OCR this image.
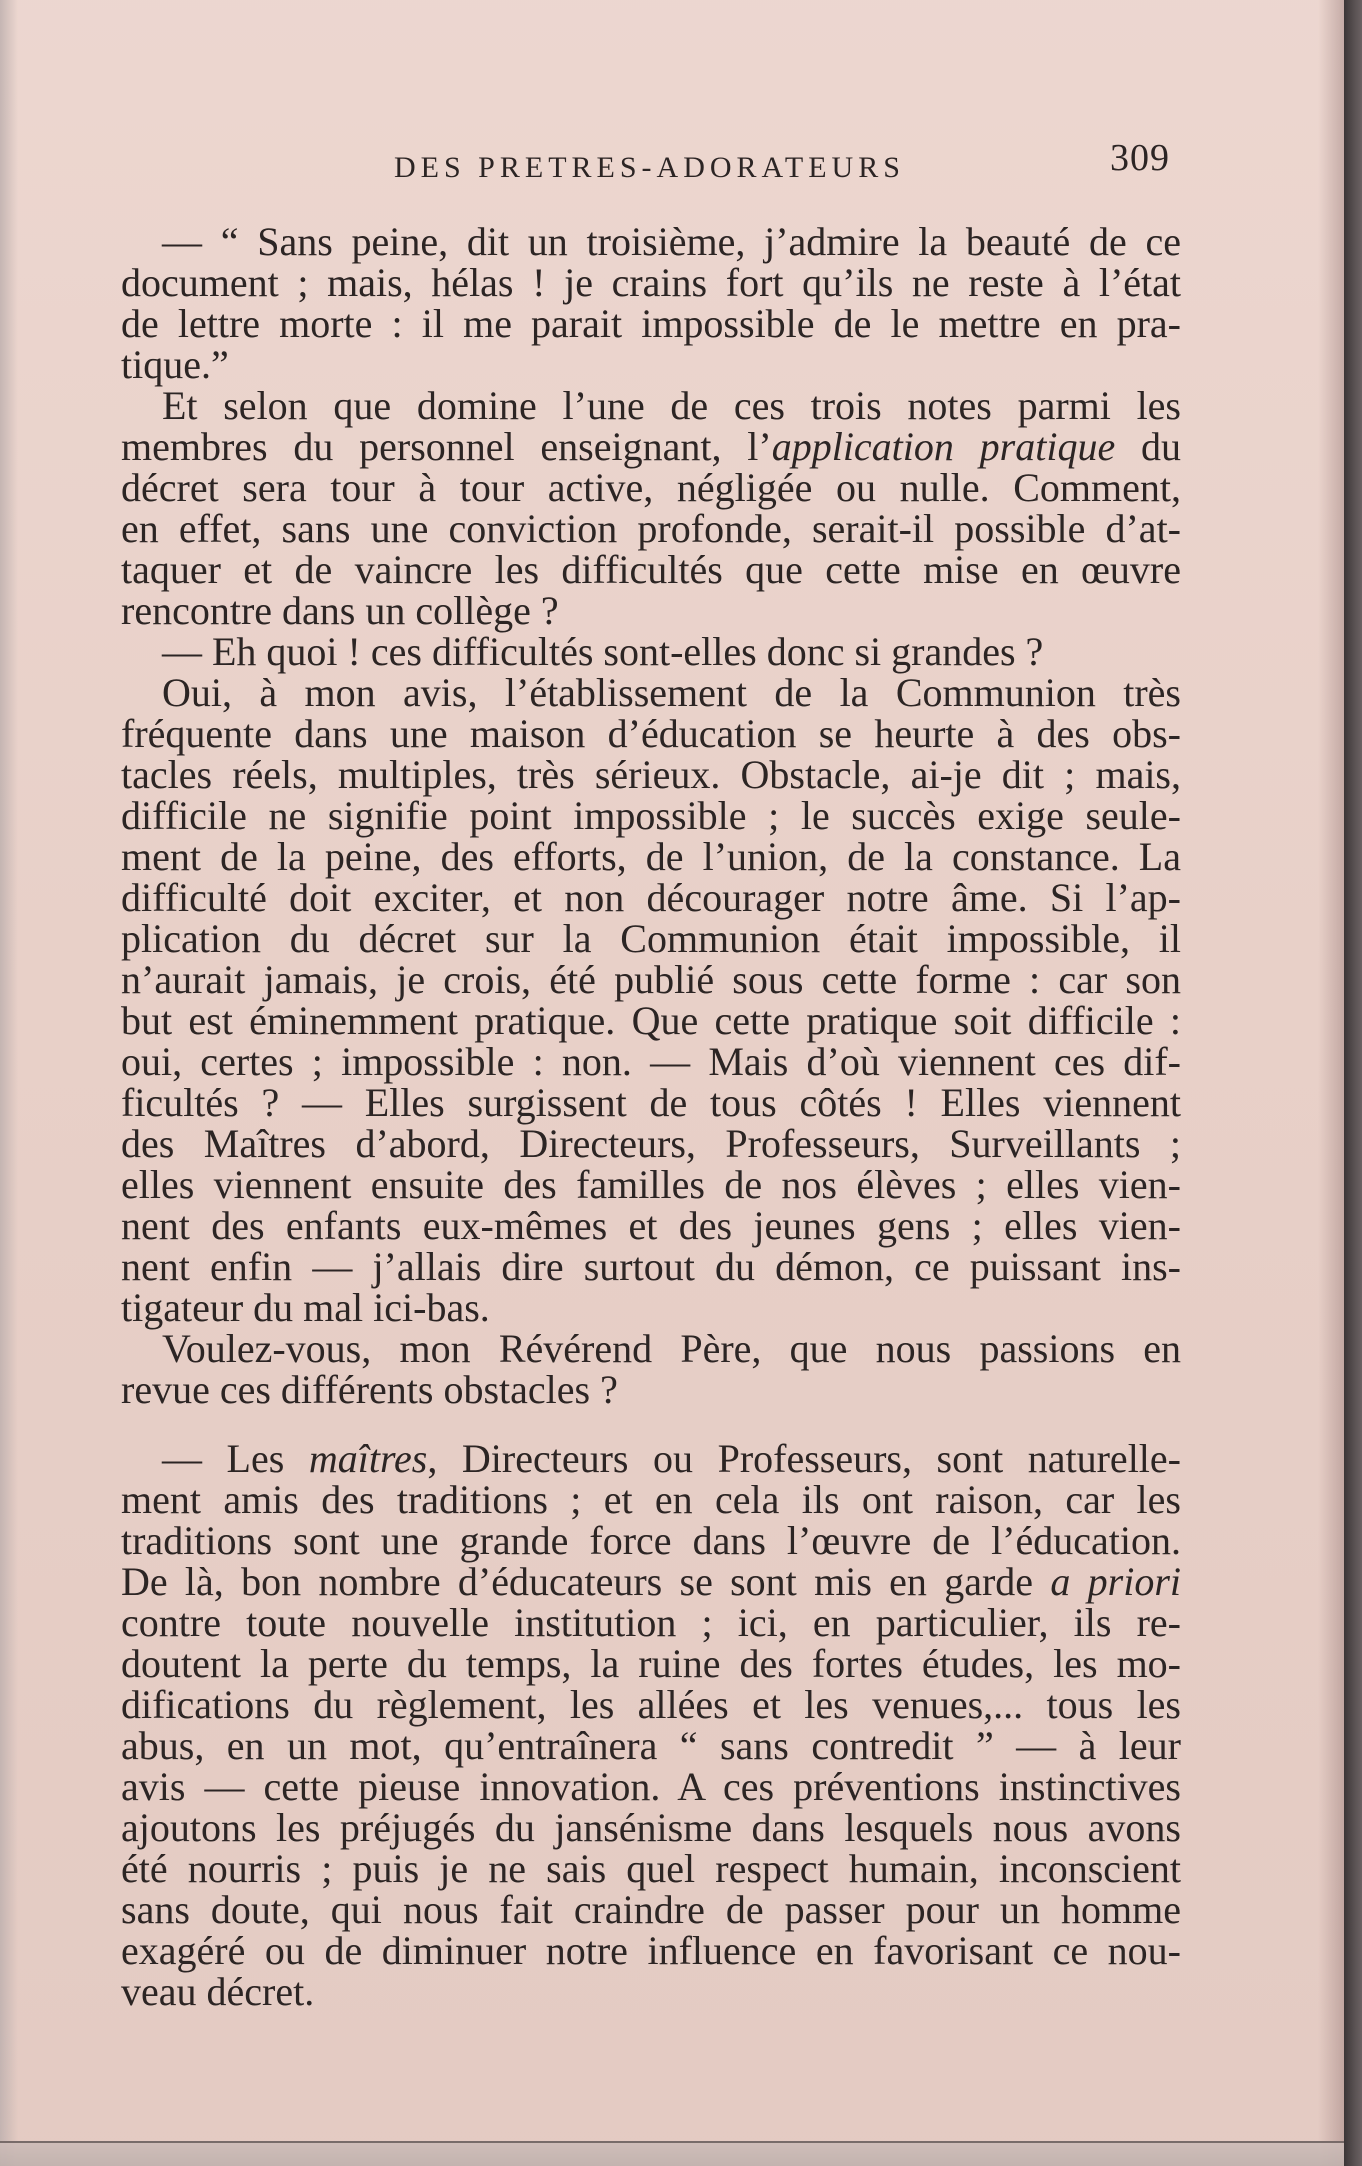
DES PRETRES-ADORATEURS	309
— “ Sans peine, dit un troisième, j’admire la beauté de ce
document ; mais, hélas ! je crains fort qu’ils ne reste à l’état
de lettre morte : il me parait impossible de le mettre en pra-
tique.”
Et selon que domine l’une de ces trois notes parmi les
membres du personnel enseignant, l’application pratique du
décret sera tour à tour active, négligée ou nulle. Comment,
en effet, sans une conviction profonde, serait-il possible d’at-
taquer et de vaincre les difficultés que cette mise en œuvre
rencontre dans un collège ?
— Eh quoi ! ces difficultés sont-elles donc si grandes ?
Oui, à mon avis, l’établissement de la Communion très
fréquente dans une maison d’éducation se heurte à des obs-
tacles réels, multiples, très sérieux. Obstacle, ai-je dit ; mais,
difficile ne signifie point impossible ; le succès exige seule-
ment de la peine, des efforts, de l’union, de la constance. La
difficulté doit exciter, et non décourager notre âme. Si l’ap-
plication du décret sur la Communion était impossible, il
n’aurait jamais, je crois, été publié sous cette forme : car son
but est éminemment pratique. Que cette pratique soit difficile :
oui, certes ; impossible : non. — Mais d’où viennent ces dif-
ficultés ? — Elles surgissent de tous côtés ! Elles viennent
des Maîtres d’abord, Directeurs, Professeurs, Surveillants ;
elles viennent ensuite des familles de nos élèves ; elles vien-
nent des enfants eux-mêmes et des jeunes gens ; elles vien-
nent enfin — j’allais dire surtout du démon, ce puissant ins-
tigateur du mal ici-bas.
Voulez-vous, mon Révérend Père, que nous passions en
revue ces différents obstacles ?
— Les maîtres, Directeurs ou Professeurs, sont naturelle-
ment amis des traditions ; et en cela ils ont raison, car les
traditions sont une grande force dans l’œuvre de l’éducation.
De là, bon nombre d’éducateurs se sont mis en garde a priori
contre toute nouvelle institution ; ici, en particulier, ils re-
doutent la perte du temps, la ruine des fortes études, les mo-
difications du règlement, les allées et les venues,... tous les
abus, en un mot, qu’entraînera “ sans contredit ” — à leur
avis — cette pieuse innovation. A ces préventions instinctives
ajoutons les préjugés du jansénisme dans lesquels nous avons
été nourris ; puis je ne sais quel respect humain, inconscient
sans doute, qui nous fait craindre de passer pour un homme
exagéré ou de diminuer notre influence en favorisant ce nou-
veau décret.
